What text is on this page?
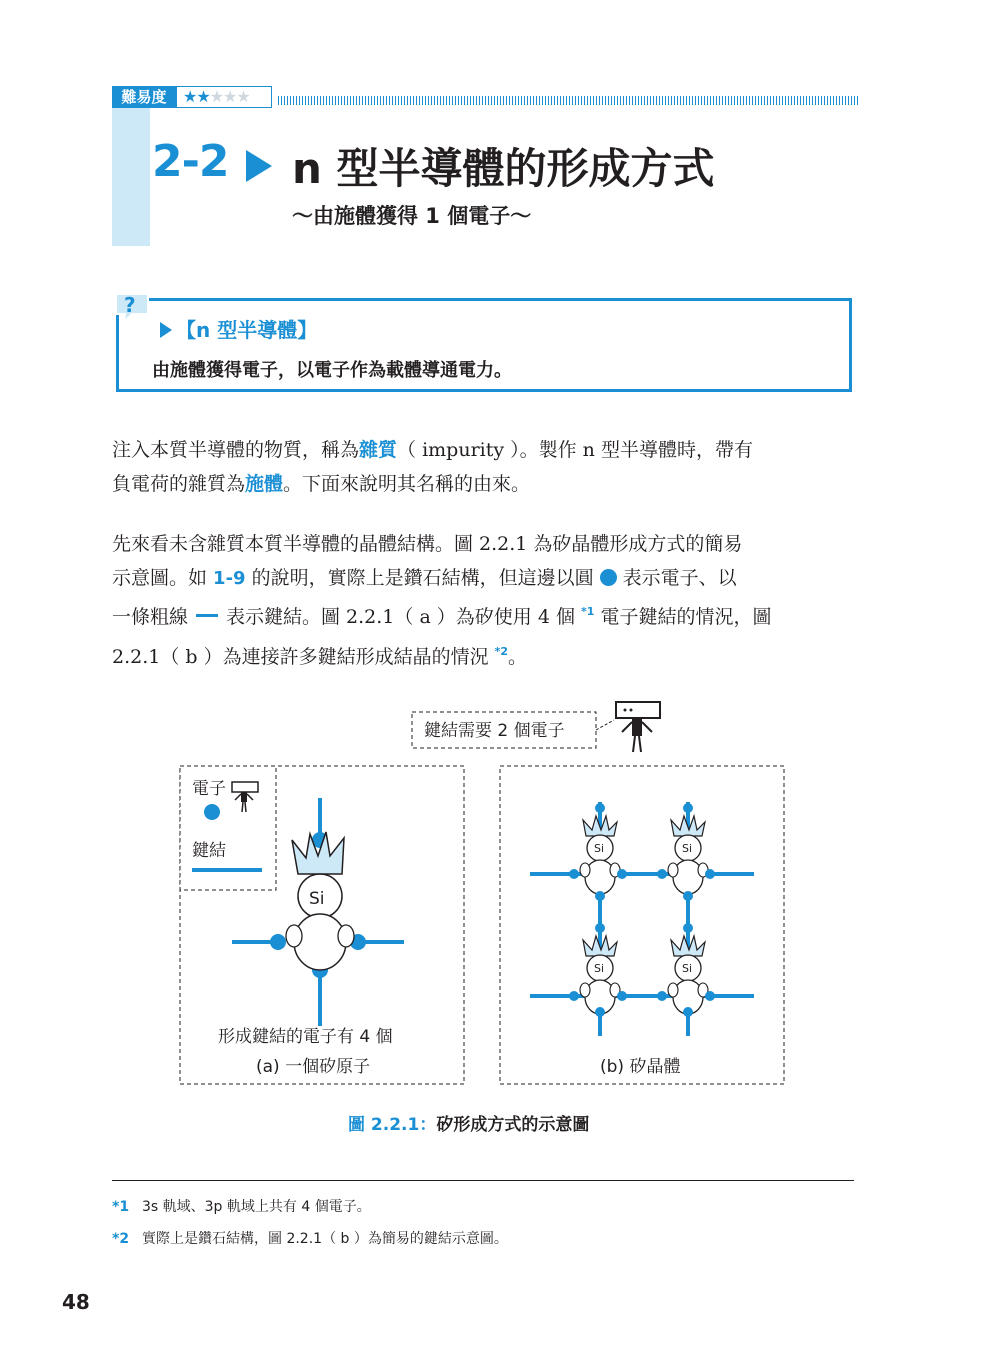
難易度	★★★★★
2-2 n 型半導體的形成方式
～由施體獲得 1 個電子～
?
【n 型半導體】
由施體獲得電子，以電子作為載體導通電力。
注入本質半導體的物質，稱為雜質（ impurity ）。製作 n 型半導體時，帶有
負電荷的雜質為施體。下面來說明其名稱的由來。
先來看未含雜質本質半導體的晶體結構。圖 2.2.1 為矽晶體形成方式的簡易
示意圖。如 1-9 的說明，實際上是鑽石結構，但這邊以圓 表示電子、以
一條粗線 表示鍵結。圖 2.2.1（ a ）為矽使用 4 個 $^{*1}$ 電子鍵結的情況，圖
2.2.1（ b ）為連接許多鍵結形成結晶的情況 $^{*2}$。
鍵結需要 2 個電子
電子
鍵結
Si
形成鍵結的電子有 4 個
(a) 一個矽原子
Si	Si
Si	Si
(b) 矽晶體
圖 2.2.1：矽形成方式的示意圖
*1 3s 軌域、3p 軌域上共有 4 個電子。
*2 實際上是鑽石結構，圖 2.2.1（ b ）為簡易的鍵結示意圖。
48
